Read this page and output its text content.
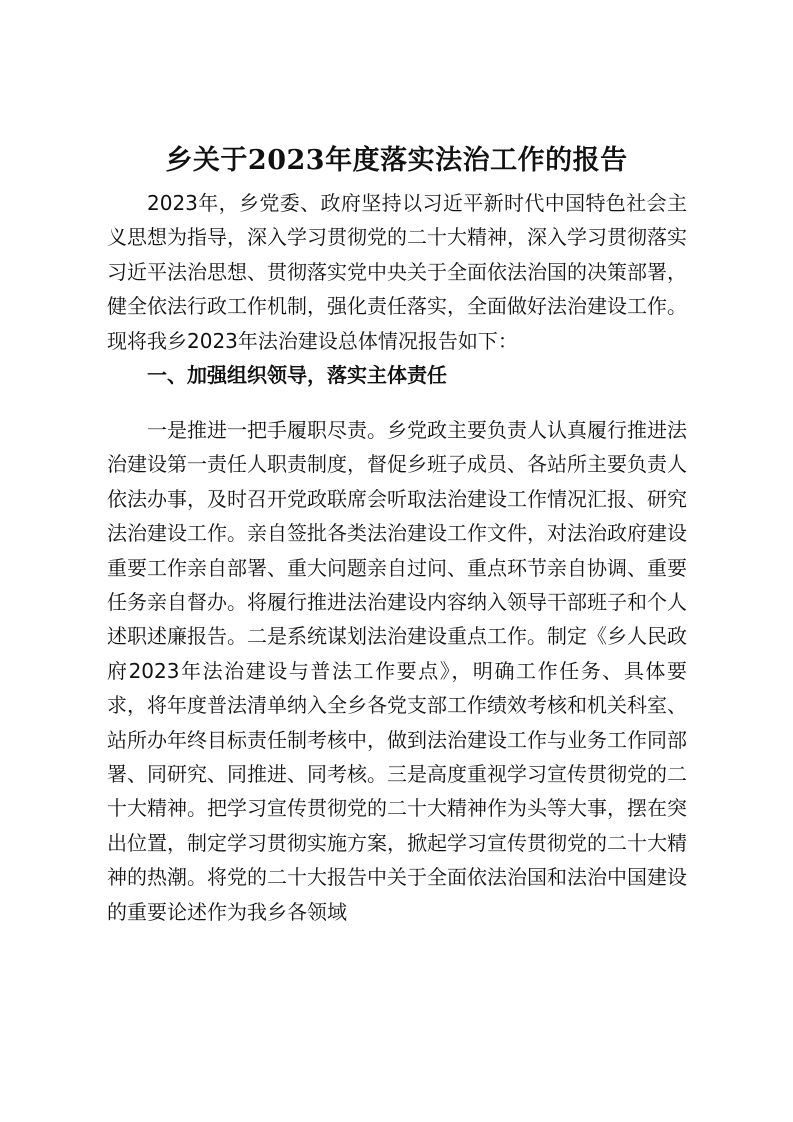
乡关于2023年度落实法治工作的报告

2023年，乡党委、政府坚持以习近平新时代中国特色社会主义思想为指导，深入学习贯彻党的二十大精神，深入学习贯彻落实习近平法治思想、贯彻落实党中央关于全面依法治国的决策部署，健全依法行政工作机制，强化责任落实，全面做好法治建设工作。现将我乡2023年法治建设总体情况报告如下：

一、加强组织领导，落实主体责任

一是推进一把手履职尽责。乡党政主要负责人认真履行推进法治建设第一责任人职责制度，督促乡班子成员、各站所主要负责人依法办事，及时召开党政联席会听取法治建设工作情况汇报、研究法治建设工作。亲自签批各类法治建设工作文件，对法治政府建设重要工作亲自部署、重大问题亲自过问、重点环节亲自协调、重要任务亲自督办。将履行推进法治建设内容纳入领导干部班子和个人述职述廉报告。二是系统谋划法治建设重点工作。制定《乡人民政府2023年法治建设与普法工作要点》，明确工作任务、具体要求，将年度普法清单纳入全乡各党支部工作绩效考核和机关科室、站所办年终目标责任制考核中，做到法治建设工作与业务工作同部署、同研究、同推进、同考核。三是高度重视学习宣传贯彻党的二十大精神。把学习宣传贯彻党的二十大精神作为头等大事，摆在突出位置，制定学习贯彻实施方案，掀起学习宣传贯彻党的二十大精神的热潮。将党的二十大报告中关于全面依法治国和法治中国建设的重要论述作为我乡各领域
